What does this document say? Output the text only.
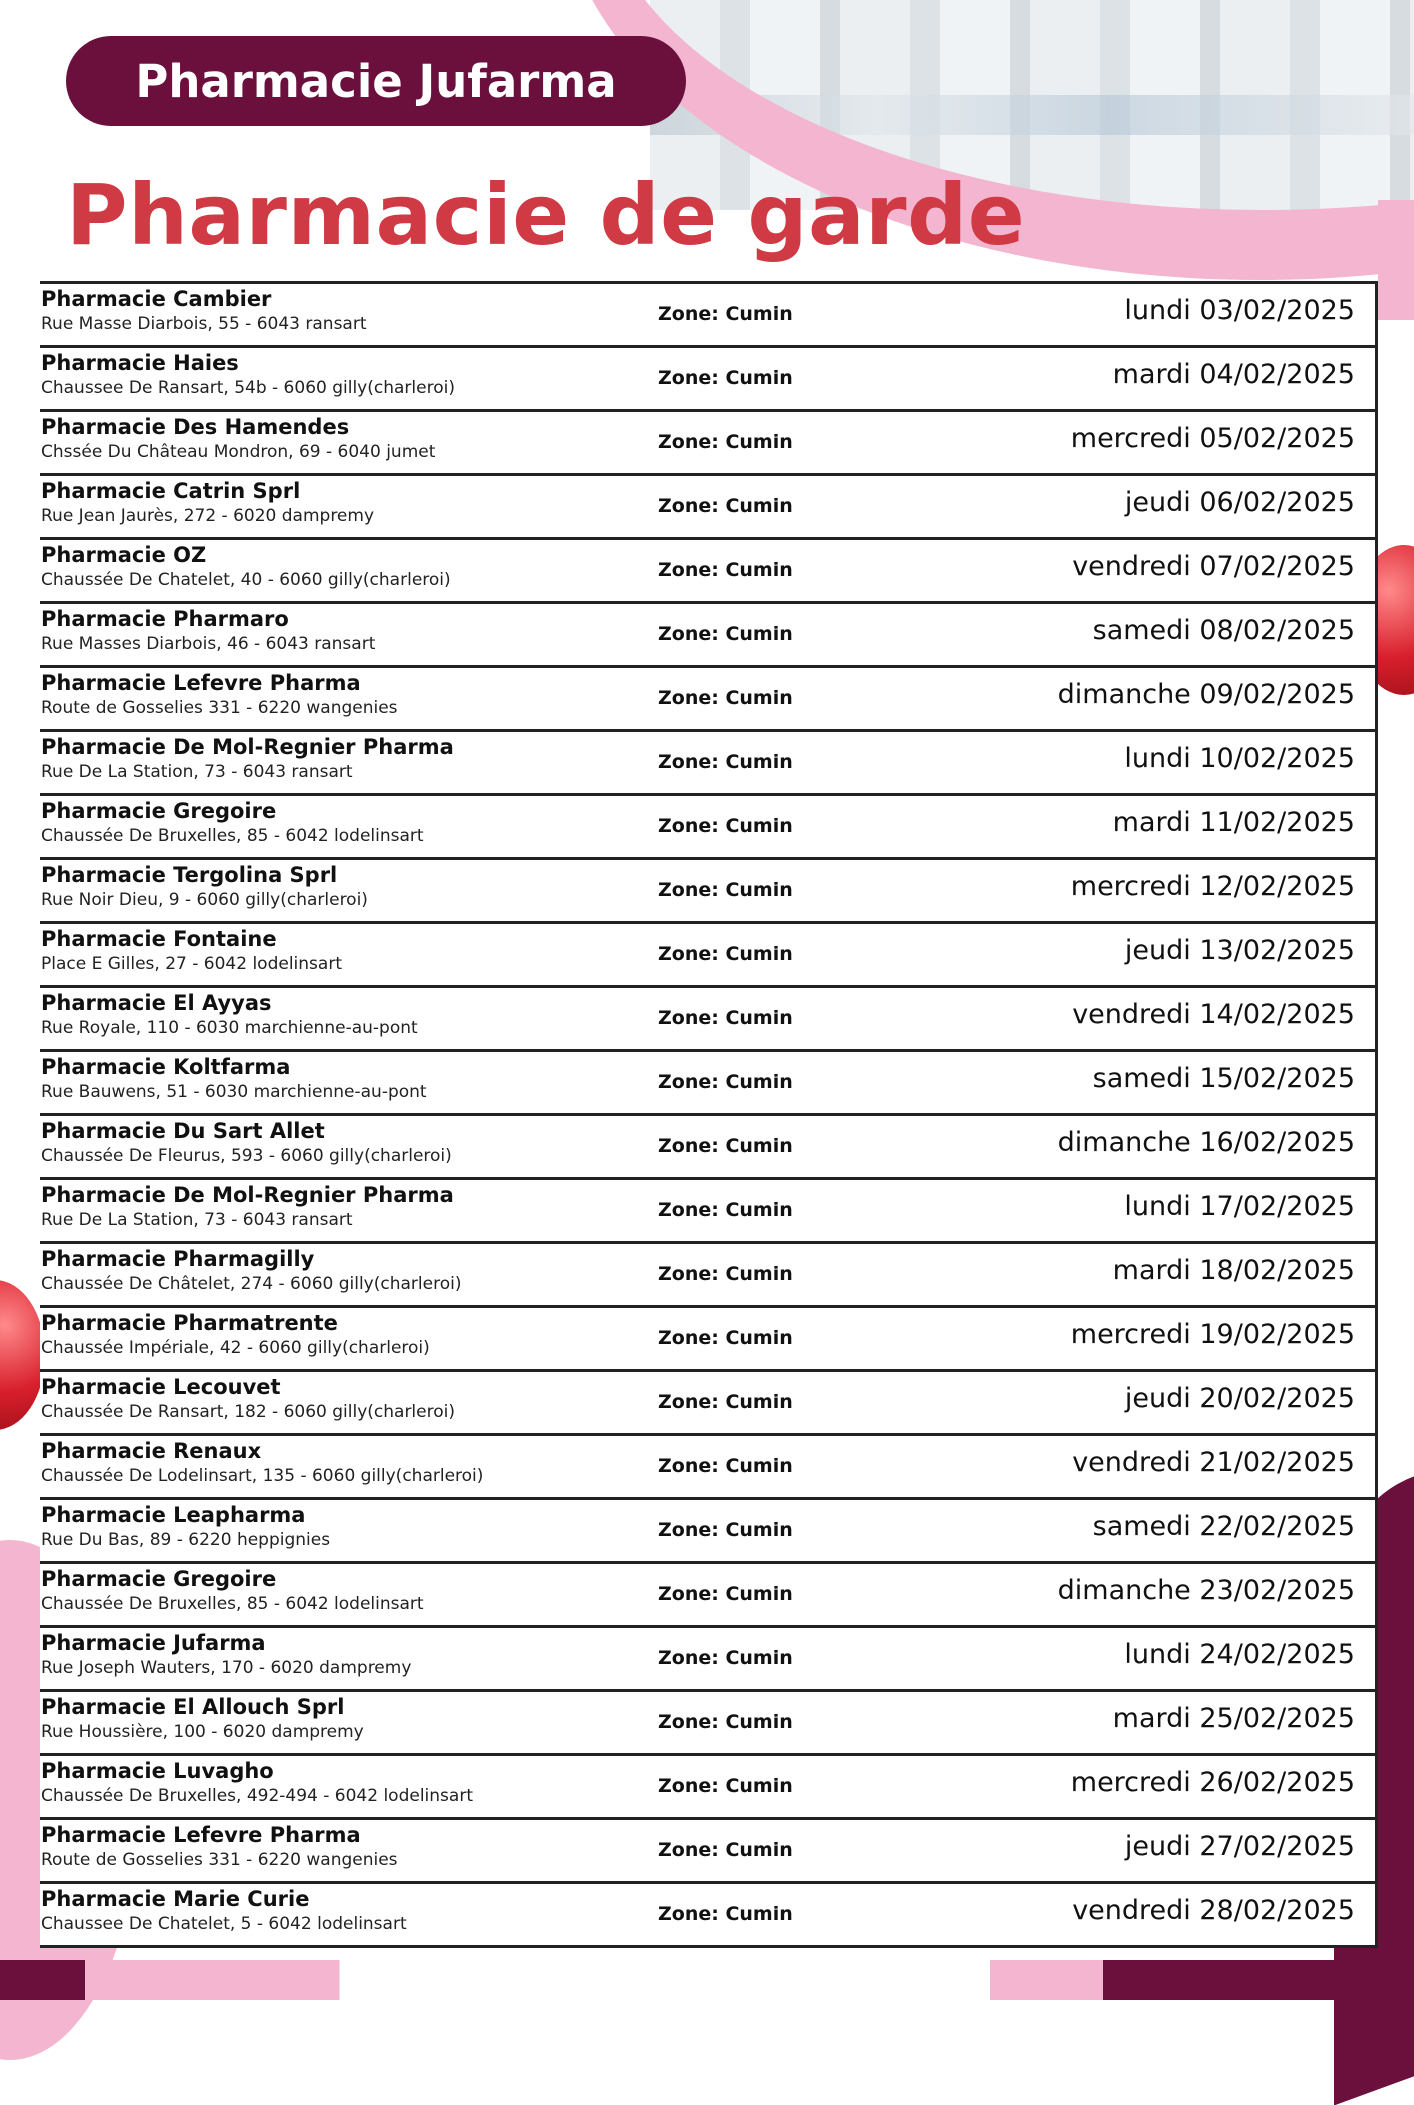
Pharmacie Jufarma
Pharmacie de garde
Pharmacie Cambier
Rue Masse Diarbois, 55 - 6043 ransart	Zone: Cumin	lundi 03/02/2025
Pharmacie Haies
Chaussee De Ransart, 54b - 6060 gilly(charleroi)	Zone: Cumin	mardi 04/02/2025
Pharmacie Des Hamendes
Chssée Du Château Mondron, 69 - 6040 jumet	Zone: Cumin	mercredi 05/02/2025
Pharmacie Catrin Sprl
Rue Jean Jaurès, 272 - 6020 dampremy	Zone: Cumin	jeudi 06/02/2025
Pharmacie OZ
Chaussée De Chatelet, 40 - 6060 gilly(charleroi)	Zone: Cumin	vendredi 07/02/2025
Pharmacie Pharmaro
Rue Masses Diarbois, 46 - 6043 ransart	Zone: Cumin	samedi 08/02/2025
Pharmacie Lefevre Pharma
Route de Gosselies 331 - 6220 wangenies	Zone: Cumin	dimanche 09/02/2025
Pharmacie De Mol-Regnier Pharma
Rue De La Station, 73 - 6043 ransart	Zone: Cumin	lundi 10/02/2025
Pharmacie Gregoire
Chaussée De Bruxelles, 85 - 6042 lodelinsart	Zone: Cumin	mardi 11/02/2025
Pharmacie Tergolina Sprl
Rue Noir Dieu, 9 - 6060 gilly(charleroi)	Zone: Cumin	mercredi 12/02/2025
Pharmacie Fontaine
Place E Gilles, 27 - 6042 lodelinsart	Zone: Cumin	jeudi 13/02/2025
Pharmacie El Ayyas
Rue Royale, 110 - 6030 marchienne-au-pont	Zone: Cumin	vendredi 14/02/2025
Pharmacie Koltfarma
Rue Bauwens, 51 - 6030 marchienne-au-pont	Zone: Cumin	samedi 15/02/2025
Pharmacie Du Sart Allet
Chaussée De Fleurus, 593 - 6060 gilly(charleroi)	Zone: Cumin	dimanche 16/02/2025
Pharmacie De Mol-Regnier Pharma
Rue De La Station, 73 - 6043 ransart	Zone: Cumin	lundi 17/02/2025
Pharmacie Pharmagilly
Chaussée De Châtelet, 274 - 6060 gilly(charleroi)	Zone: Cumin	mardi 18/02/2025
Pharmacie Pharmatrente
Chaussée Impériale, 42 - 6060 gilly(charleroi)	Zone: Cumin	mercredi 19/02/2025
Pharmacie Lecouvet
Chaussée De Ransart, 182 - 6060 gilly(charleroi)	Zone: Cumin	jeudi 20/02/2025
Pharmacie Renaux
Chaussée De Lodelinsart, 135 - 6060 gilly(charleroi)	Zone: Cumin	vendredi 21/02/2025
Pharmacie Leapharma
Rue Du Bas, 89 - 6220 heppignies	Zone: Cumin	samedi 22/02/2025
Pharmacie Gregoire
Chaussée De Bruxelles, 85 - 6042 lodelinsart	Zone: Cumin	dimanche 23/02/2025
Pharmacie Jufarma
Rue Joseph Wauters, 170 - 6020 dampremy	Zone: Cumin	lundi 24/02/2025
Pharmacie El Allouch Sprl
Rue Houssière, 100 - 6020 dampremy	Zone: Cumin	mardi 25/02/2025
Pharmacie Luvagho
Chaussée De Bruxelles, 492-494 - 6042 lodelinsart	Zone: Cumin	mercredi 26/02/2025
Pharmacie Lefevre Pharma
Route de Gosselies 331 - 6220 wangenies	Zone: Cumin	jeudi 27/02/2025
Pharmacie Marie Curie
Chaussee De Chatelet, 5 - 6042 lodelinsart	Zone: Cumin	vendredi 28/02/2025
